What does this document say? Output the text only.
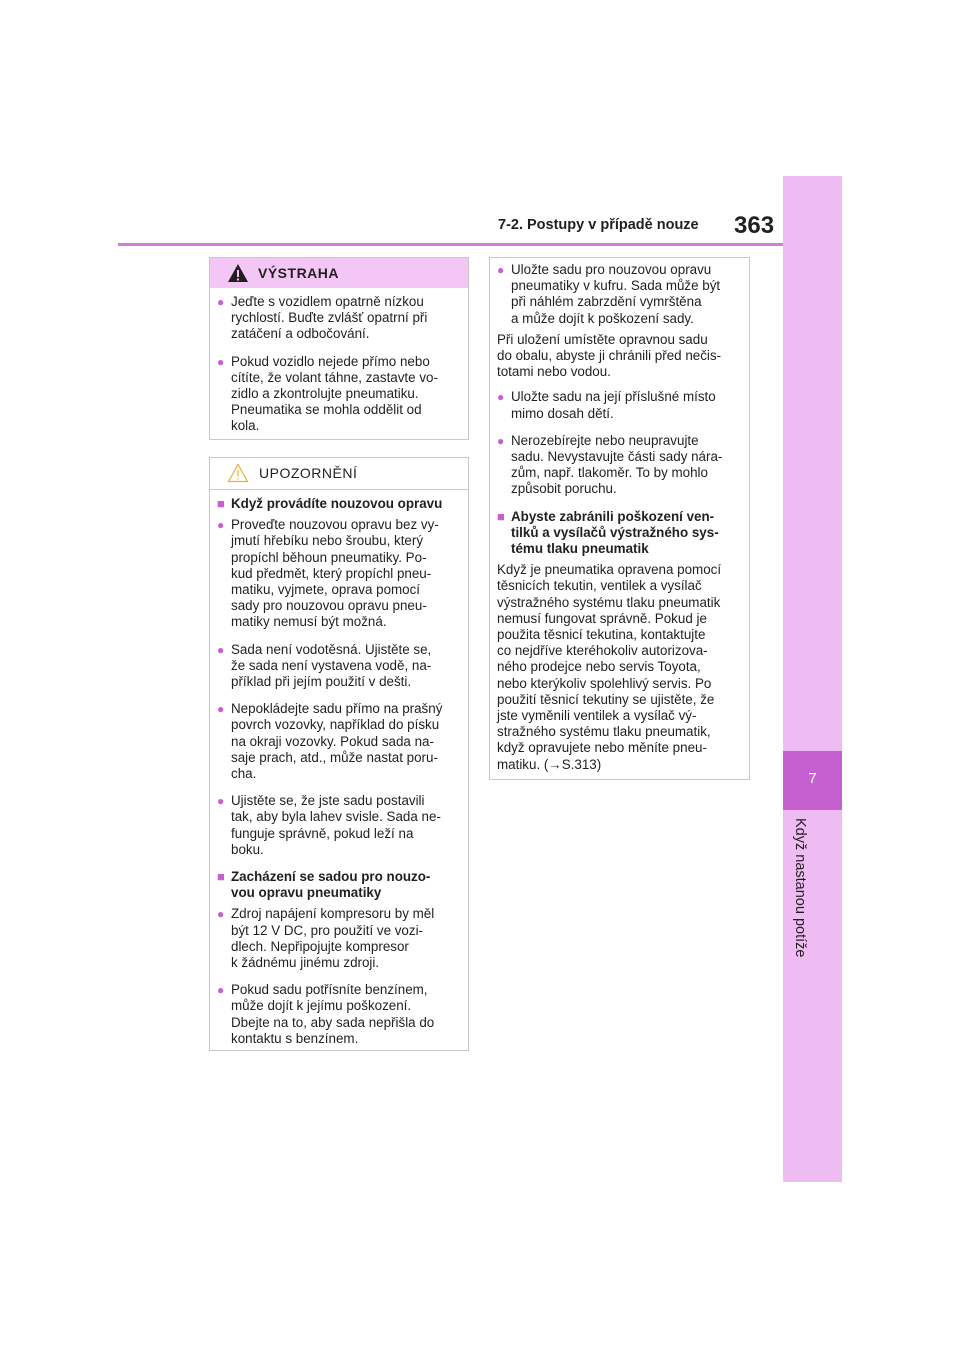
7-2. Postupy v případě nouze 363
7
Když nastanou potíže
VÝSTRAHA
● Jeďte s vozidlem opatrně nízkou
rychlostí. Buďte zvlášť opatrní při
zatáčení a odbočování.
● Pokud vozidlo nejede přímo nebo
cítíte, že volant táhne, zastavte vo-
zidlo a zkontrolujte pneumatiku.
Pneumatika se mohla oddělit od
kola.
UPOZORNĚNÍ
■ Když provádíte nouzovou opravu
● Proveďte nouzovou opravu bez vy-
jmutí hřebíku nebo šroubu, který
propíchl běhoun pneumatiky. Po-
kud předmět, který propíchl pneu-
matiku, vyjmete, oprava pomocí
sady pro nouzovou opravu pneu-
matiky nemusí být možná.
● Sada není vodotěsná. Ujistěte se,
že sada není vystavena vodě, na-
příklad při jejím použití v dešti.
● Nepokládejte sadu přímo na prašný
povrch vozovky, například do písku
na okraji vozovky. Pokud sada na-
saje prach, atd., může nastat poru-
cha.
● Ujistěte se, že jste sadu postavili
tak, aby byla lahev svisle. Sada ne-
funguje správně, pokud leží na
boku.
■ Zacházení se sadou pro nouzo-
vou opravu pneumatiky
● Zdroj napájení kompresoru by měl
být 12 V DC, pro použití ve vozi-
dlech. Nepřipojujte kompresor
k žádnému jinému zdroji.
● Pokud sadu potřísníte benzínem,
může dojít k jejímu poškození.
Dbejte na to, aby sada nepřišla do
kontaktu s benzínem.
● Uložte sadu pro nouzovou opravu
pneumatiky v kufru. Sada může být
při náhlém zabrzdění vymrštěna
a může dojít k poškození sady.
Při uložení umístěte opravnou sadu
do obalu, abyste ji chránili před nečis-
totami nebo vodou.
● Uložte sadu na její příslušné místo
mimo dosah dětí.
● Nerozebírejte nebo neupravujte
sadu. Nevystavujte části sady nára-
zům, např. tlakoměr. To by mohlo
způsobit poruchu.
■ Abyste zabránili poškození ven-
tilků a vysílačů výstražného sys-
tému tlaku pneumatik
Když je pneumatika opravena pomocí
těsnicích tekutin, ventilek a vysílač
výstražného systému tlaku pneumatik
nemusí fungovat správně. Pokud je
použita těsnicí tekutina, kontaktujte
co nejdříve kteréhokoliv autorizova-
ného prodejce nebo servis Toyota,
nebo kterýkoliv spolehlivý servis. Po
použití těsnicí tekutiny se ujistěte, že
jste vyměnili ventilek a vysílač vý-
stražného systému tlaku pneumatik,
když opravujete nebo měníte pneu-
matiku. (→S.313)
